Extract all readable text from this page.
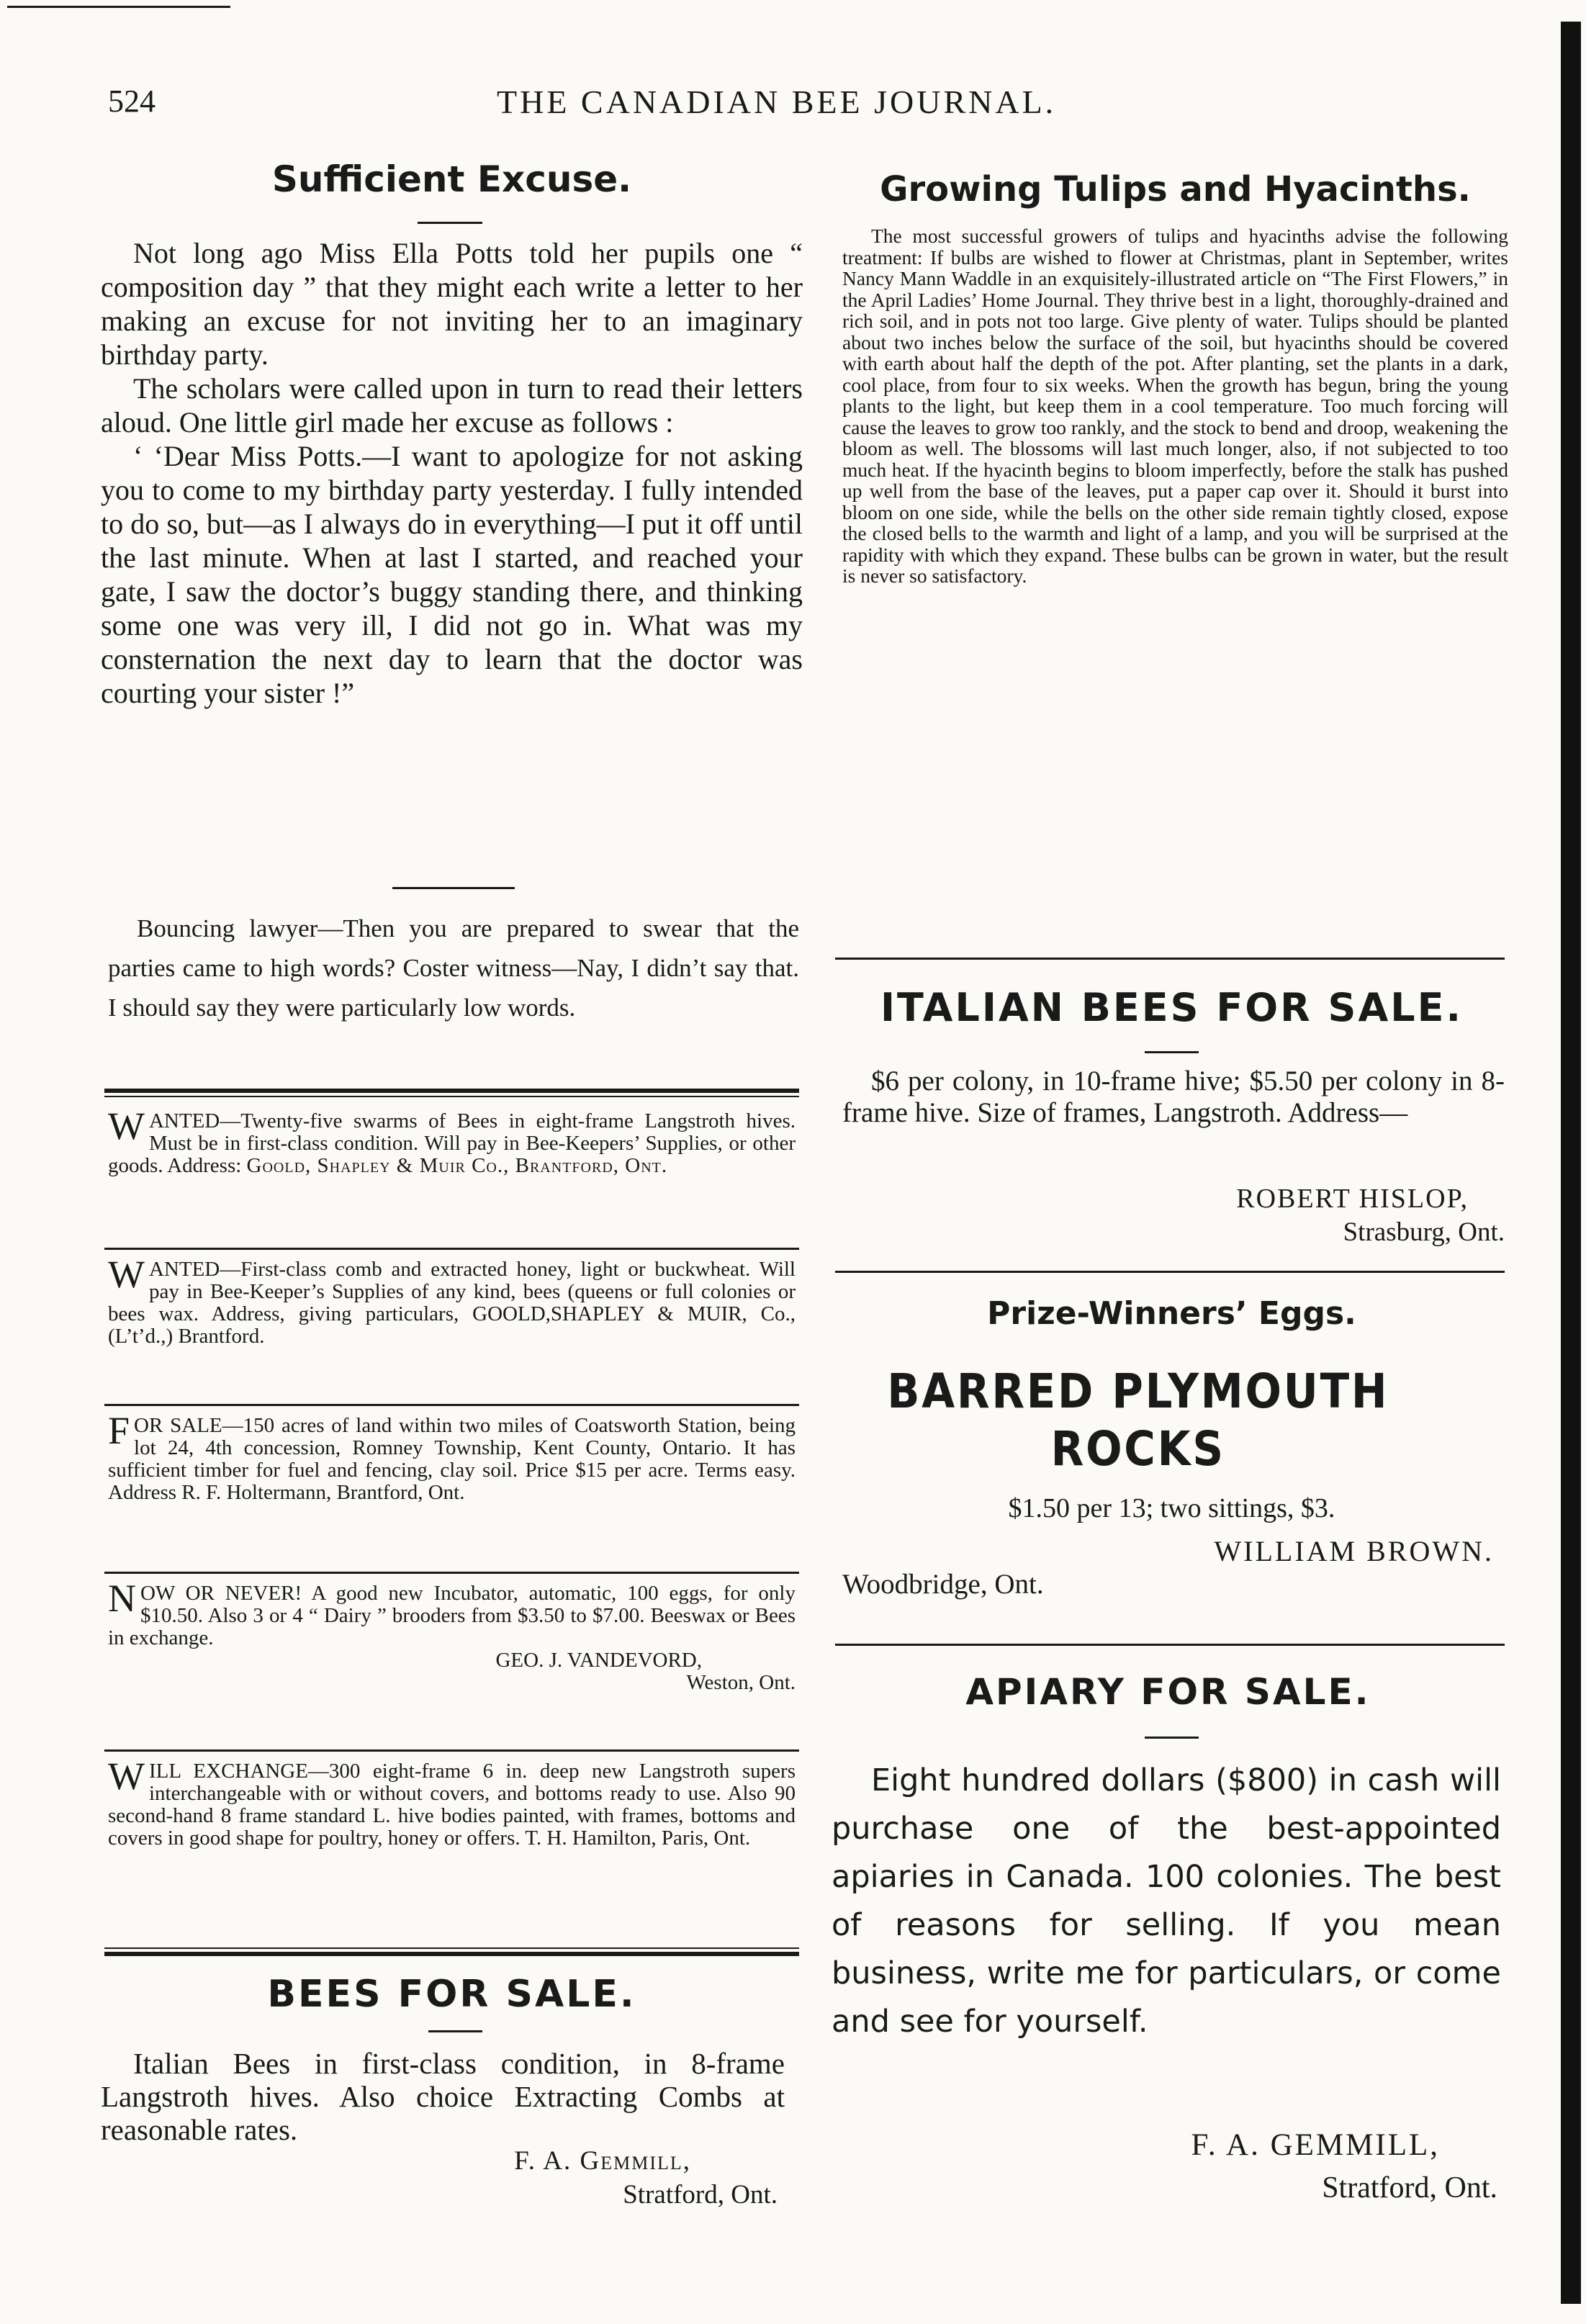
524	THE CANADIAN BEE JOURNAL.
Sufficient Excuse.

Not long ago Miss Ella Potts told her pupils one “ composition day ” that they might each write a letter to her making an excuse for not inviting her to an imaginary birthday party.

The scholars were called upon in turn to read their letters aloud. One little girl made her excuse as follows :

‘ ‘Dear Miss Potts.—I want to apologize for not asking you to come to my birthday party yesterday. I fully intended to do so, but—as I always do in everything—I put it off until the last minute. When at last I started, and reached your gate, I saw the doctor’s buggy standing there, and thinking some one was very ill, I did not go in. What was my consternation the next day to learn that the doctor was courting your sister !”

Bouncing lawyer—Then you are prepared to swear that the parties came to high words? Coster witness—Nay, I didn’t say that. I should say they were particularly low words.

WANTED—Twenty-five swarms of Bees in eight-frame Langstroth hives. Must be in first-class condition. Will pay in Bee-Keepers’ Supplies, or other goods. Address: Goold, Shapley & Muir Co., Brantford, Ont.
WANTED—First-class comb and extracted honey, light or buckwheat. Will pay in Bee-Keeper’s Supplies of any kind, bees (queens or full colonies or bees wax. Address, giving particulars, GOOLD,SHAPLEY & MUIR, Co., (L’t’d.,) Brantford.
FOR SALE—150 acres of land within two miles of Coatsworth Station, being lot 24, 4th concession, Romney Township, Kent County, Ontario. It has sufficient timber for fuel and fencing, clay soil. Price $15 per acre. Terms easy. Address R. F. Holtermann, Brantford, Ont.
NOW OR NEVER! A good new Incubator, automatic, 100 eggs, for only $10.50. Also 3 or 4 “ Dairy ” brooders from $3.50 to $7.00. Beeswax or Bees in exchange.
GEO. J. VANDEVORD,
Weston, Ont.
WILL EXCHANGE—300 eight-frame 6 in. deep new Langstroth supers interchangeable with or without covers, and bottoms ready to use. Also 90 second-hand 8 frame standard L. hive bodies painted, with frames, bottoms and covers in good shape for poultry, honey or offers. T. H. Hamilton, Paris, Ont.
BEES FOR SALE.

Italian Bees in first-class condition, in 8-frame Langstroth hives. Also choice Extracting Combs at reasonable rates.

F. A. Gemmill,
Stratford, Ont.
Growing Tulips and Hyacinths.

The most successful growers of tulips and hyacinths advise the following treatment: If bulbs are wished to flower at Christmas, plant in September, writes Nancy Mann Waddle in an exquisitely-illustrated article on “The First Flowers,” in the April Ladies’ Home Journal. They thrive best in a light, thoroughly-drained and rich soil, and in pots not too large. Give plenty of water. Tulips should be planted about two inches below the surface of the soil, but hyacinths should be covered with earth about half the depth of the pot. After planting, set the plants in a dark, cool place, from four to six weeks. When the growth has begun, bring the young plants to the light, but keep them in a cool temperature. Too much forcing will cause the leaves to grow too rankly, and the stock to bend and droop, weakening the bloom as well. The blossoms will last much longer, also, if not subjected to too much heat. If the hyacinth begins to bloom imperfectly, before the stalk has pushed up well from the base of the leaves, put a paper cap over it. Should it burst into bloom on one side, while the bells on the other side remain tightly closed, expose the closed bells to the warmth and light of a lamp, and you will be surprised at the rapidity with which they expand. These bulbs can be grown in water, but the result is never so satisfactory.

ITALIAN BEES FOR SALE.

$6 per colony, in 10-frame hive; $5.50 per colony in 8-frame hive. Size of frames, Langstroth. Address—

ROBERT HISLOP,
Strasburg, Ont.
Prize-Winners’ Eggs.
BARRED PLYMOUTH ROCKS
$1.50 per 13; two sittings, $3.
WILLIAM BROWN.
Woodbridge, Ont.
APIARY FOR SALE.

Eight hundred dollars ($800) in cash will purchase one of the best-appointed apiaries in Canada. 100 colonies. The best of reasons for selling. If you mean business, write me for particulars, or come and see for yourself.

F. A. GEMMILL,
Stratford, Ont.
